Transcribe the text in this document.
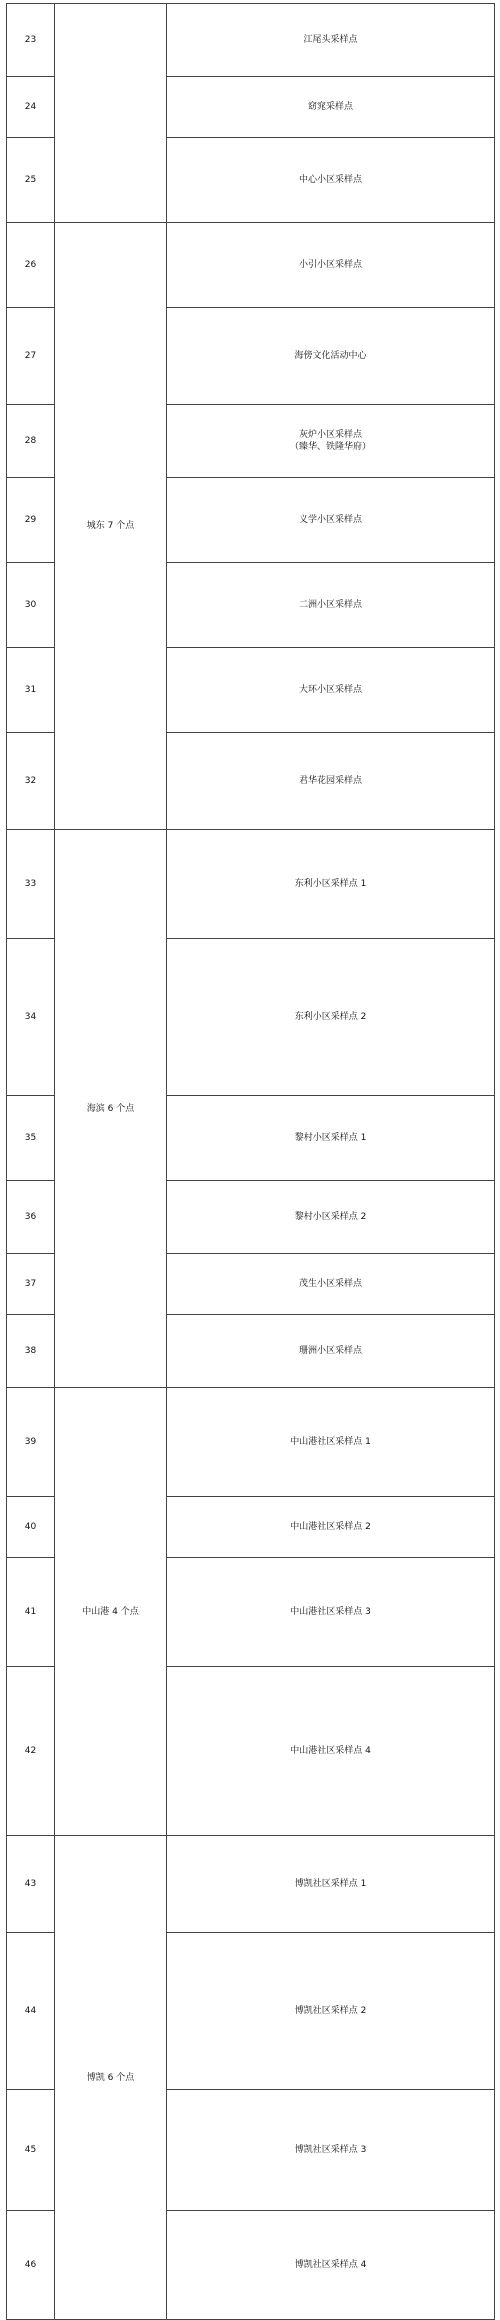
23		江尾头采样点	
24		窈窕采样点	
25		中心小区采样点	
26	城东 7 个点	小引小区采样点	
27		海傍文化活动中心	
28		灰炉小区采样点
（臻华、铁隆华府）

29		义学小区采样点	
30		二洲小区采样点	
31		大环小区采样点	
32		君华花园采样点	
33	海滨 6 个点	东利小区采样点 1	
34		东利小区采样点 2	

35		黎村小区采样点 1	
36		黎村小区采样点 2	
37		茂生小区采样点	
38		珊洲小区采样点	
39	中山港 4 个点	中山港社区采样点 1	
40		中山港社区采样点 2	
41		中山港社区采样点 3	
42		中山港社区采样点 4	
43	博凯 6 个点	博凯社区采样点 1	
44		博凯社区采样点 2	
45		博凯社区采样点 3	
46		博凯社区采样点 4	
